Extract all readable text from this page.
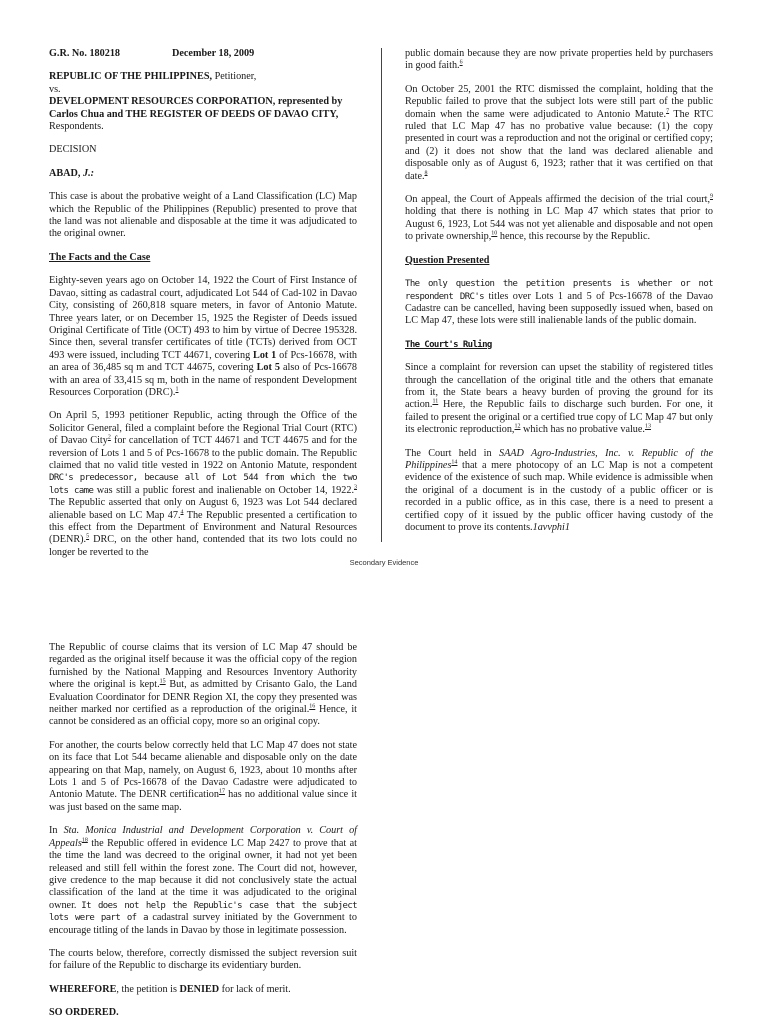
G.R. No. 180218	December 18, 2009

REPUBLIC OF THE PHILIPPINES, Petitioner,
vs.
DEVELOPMENT RESOURCES CORPORATION, represented by Carlos Chua and THE REGISTER OF DEEDS OF DAVAO CITY, Respondents.

DECISION

ABAD, J.:

This case is about the probative weight of a Land Classification (LC) Map which the Republic of the Philippines (Republic) presented to prove that the land was not alienable and disposable at the time it was adjudicated to the original owner.

The Facts and the Case

Eighty-seven years ago on October 14, 1922 the Court of First Instance of Davao, sitting as cadastral court, adjudicated Lot 544 of Cad-102 in Davao City, consisting of 260,818 square meters, in favor of Antonio Matute. Three years later, or on December 15, 1925 the Register of Deeds issued Original Certificate of Title (OCT) 493 to him by virtue of Decree 195328. Since then, several transfer certificates of title (TCTs) derived from OCT 493 were issued, including TCT 44671, covering Lot 1 of Pcs-16678, with an area of 36,485 sq m and TCT 44675, covering Lot 5 also of Pcs-16678 with an area of 33,415 sq m, both in the name of respondent Development Resources Corporation (DRC).$^1$

On April 5, 1993 petitioner Republic, acting through the Office of the Solicitor General, filed a complaint before the Regional Trial Court (RTC) of Davao City$^2$ for cancellation of TCT 44671 and TCT 44675 and for the reversion of Lots 1 and 5 of Pcs-16678 to the public domain. The Republic claimed that no valid title vested in 1922 on Antonio Matute, respondent DRC's predecessor, because all of Lot 544 from which the two lots came was still a public forest and inalienable on October 14, 1922.$^3$ The Republic asserted that only on August 6, 1923 was Lot 544 declared alienable based on LC Map 47.$^4$ The Republic presented a certification to this effect from the Department of Environment and Natural Resources (DENR).$^5$ DRC, on the other hand, contended that its two lots could no longer be reverted to the

public domain because they are now private properties held by purchasers in good faith.$^6$

On October 25, 2001 the RTC dismissed the complaint, holding that the Republic failed to prove that the subject lots were still part of the public domain when the same were adjudicated to Antonio Matute.$^7$ The RTC ruled that LC Map 47 has no probative value because: (1) the copy presented in court was a reproduction and not the original or certified copy; and (2) it does not show that the land was declared alienable and disposable only as of August 6, 1923; rather that it was certified on that date.$^8$

On appeal, the Court of Appeals affirmed the decision of the trial court,$^9$ holding that there is nothing in LC Map 47 which states that prior to August 6, 1923, Lot 544 was not yet alienable and disposable and not open to private ownership,$^{10}$ hence, this recourse by the Republic.

Question Presented

The only question the petition presents is whether or not respondent DRC's titles over Lots 1 and 5 of Pcs-16678 of the Davao Cadastre can be cancelled, having been supposedly issued when, based on LC Map 47, these lots were still inalienable lands of the public domain.

The Court's Ruling

Since a complaint for reversion can upset the stability of registered titles through the cancellation of the original title and the others that emanate from it, the State bears a heavy burden of proving the ground for its action.$^{11}$ Here, the Republic fails to discharge such burden. For one, it failed to present the original or a certified true copy of LC Map 47 but only its electronic reproduction,$^{12}$ which has no probative value.$^{13}$

The Court held in SAAD Agro-Industries, Inc. v. Republic of the Philippines$^{14}$ that a mere photocopy of an LC Map is not a competent evidence of the existence of such map. While evidence is admissible when the original of a document is in the custody of a public officer or is recorded in a public office, as in this case, there is a need to present a certified copy of it issued by the public officer having custody of the document to prove its contents.1avvphi1

Secondary Evidence

The Republic of course claims that its version of LC Map 47 should be regarded as the original itself because it was the official copy of the region furnished by the National Mapping and Resources Inventory Authority where the original is kept.$^{15}$ But, as admitted by Crisanto Galo, the Land Evaluation Coordinator for DENR Region XI, the copy they presented was neither marked nor certified as a reproduction of the original.$^{16}$ Hence, it cannot be considered as an official copy, more so an original copy.

For another, the courts below correctly held that LC Map 47 does not state on its face that Lot 544 became alienable and disposable only on the date appearing on that Map, namely, on August 6, 1923, about 10 months after Lots 1 and 5 of Pcs-16678 of the Davao Cadastre were adjudicated to Antonio Matute. The DENR certification$^{17}$ has no additional value since it was just based on the same map.

In Sta. Monica Industrial and Development Corporation v. Court of Appeals$^{18}$ the Republic offered in evidence LC Map 2427 to prove that at the time the land was decreed to the original owner, it had not yet been released and still fell within the forest zone. The Court did not, however, give credence to the map because it did not conclusively state the actual classification of the land at the time it was adjudicated to the original owner. It does not help the Republic's case that the subject lots were part of a cadastral survey initiated by the Government to encourage titling of the lands in Davao by those in legitimate possession.

The courts below, therefore, correctly dismissed the subject reversion suit for failure of the Republic to discharge its evidentiary burden.

WHEREFORE, the petition is DENIED for lack of merit.

SO ORDERED.
